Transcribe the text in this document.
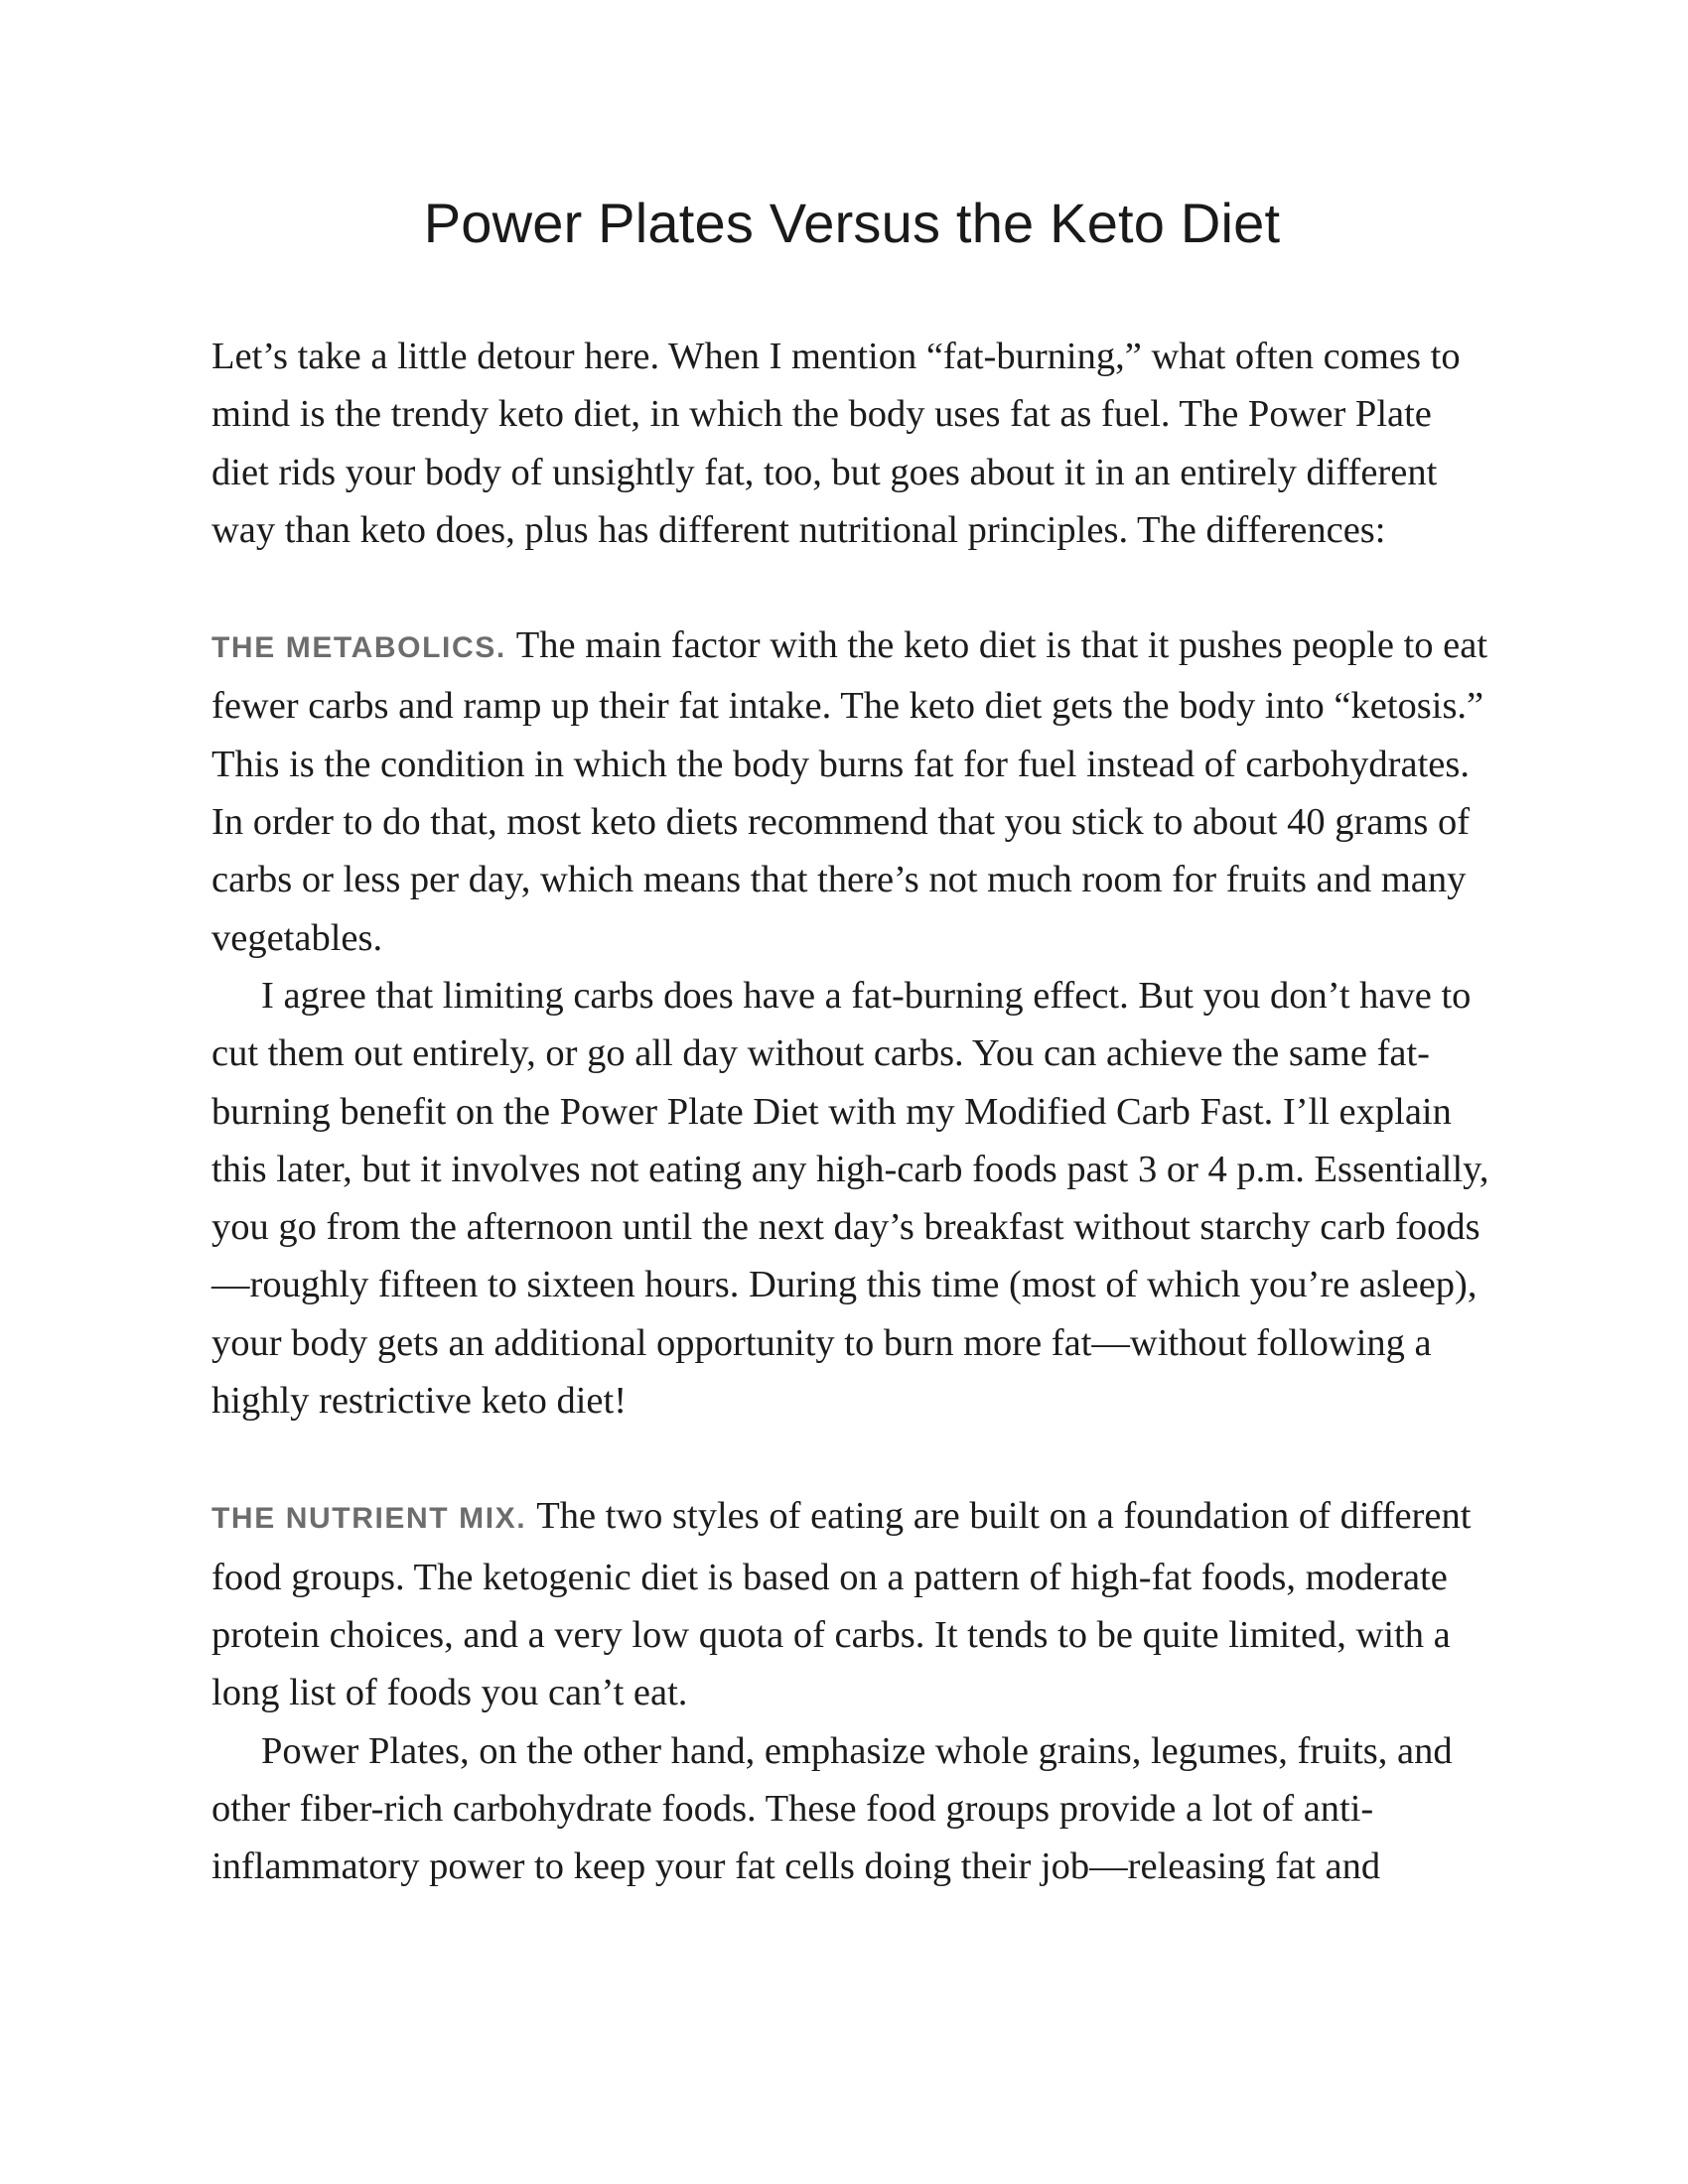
Power Plates Versus the Keto Diet

Let’s take a little detour here. When I mention “fat-burning,” what often comes to mind is the trendy keto diet, in which the body uses fat as fuel. The Power Plate diet rids your body of unsightly fat, too, but goes about it in an entirely different way than keto does, plus has different nutritional principles. The differences:

THE METABOLICS. The main factor with the keto diet is that it pushes people to eat fewer carbs and ramp up their fat intake. The keto diet gets the body into “ketosis.” This is the condition in which the body burns fat for fuel instead of carbohydrates. In order to do that, most keto diets recommend that you stick to about 40 grams of carbs or less per day, which means that there’s not much room for fruits and many vegetables.

I agree that limiting carbs does have a fat-burning effect. But you don’t have to cut them out entirely, or go all day without carbs. You can achieve the same fat-burning benefit on the Power Plate Diet with my Modified Carb Fast. I’ll explain this later, but it involves not eating any high-carb foods past 3 or 4 p.m. Essentially, you go from the afternoon until the next day’s breakfast without starchy carb foods—roughly fifteen to sixteen hours. During this time (most of which you’re asleep), your body gets an additional opportunity to burn more fat—without following a highly restrictive keto diet!

THE NUTRIENT MIX. The two styles of eating are built on a foundation of different food groups. The ketogenic diet is based on a pattern of high-fat foods, moderate protein choices, and a very low quota of carbs. It tends to be quite limited, with a long list of foods you can’t eat.

Power Plates, on the other hand, emphasize whole grains, legumes, fruits, and other fiber-rich carbohydrate foods. These food groups provide a lot of anti-inflammatory power to keep your fat cells doing their job—releasing fat and
